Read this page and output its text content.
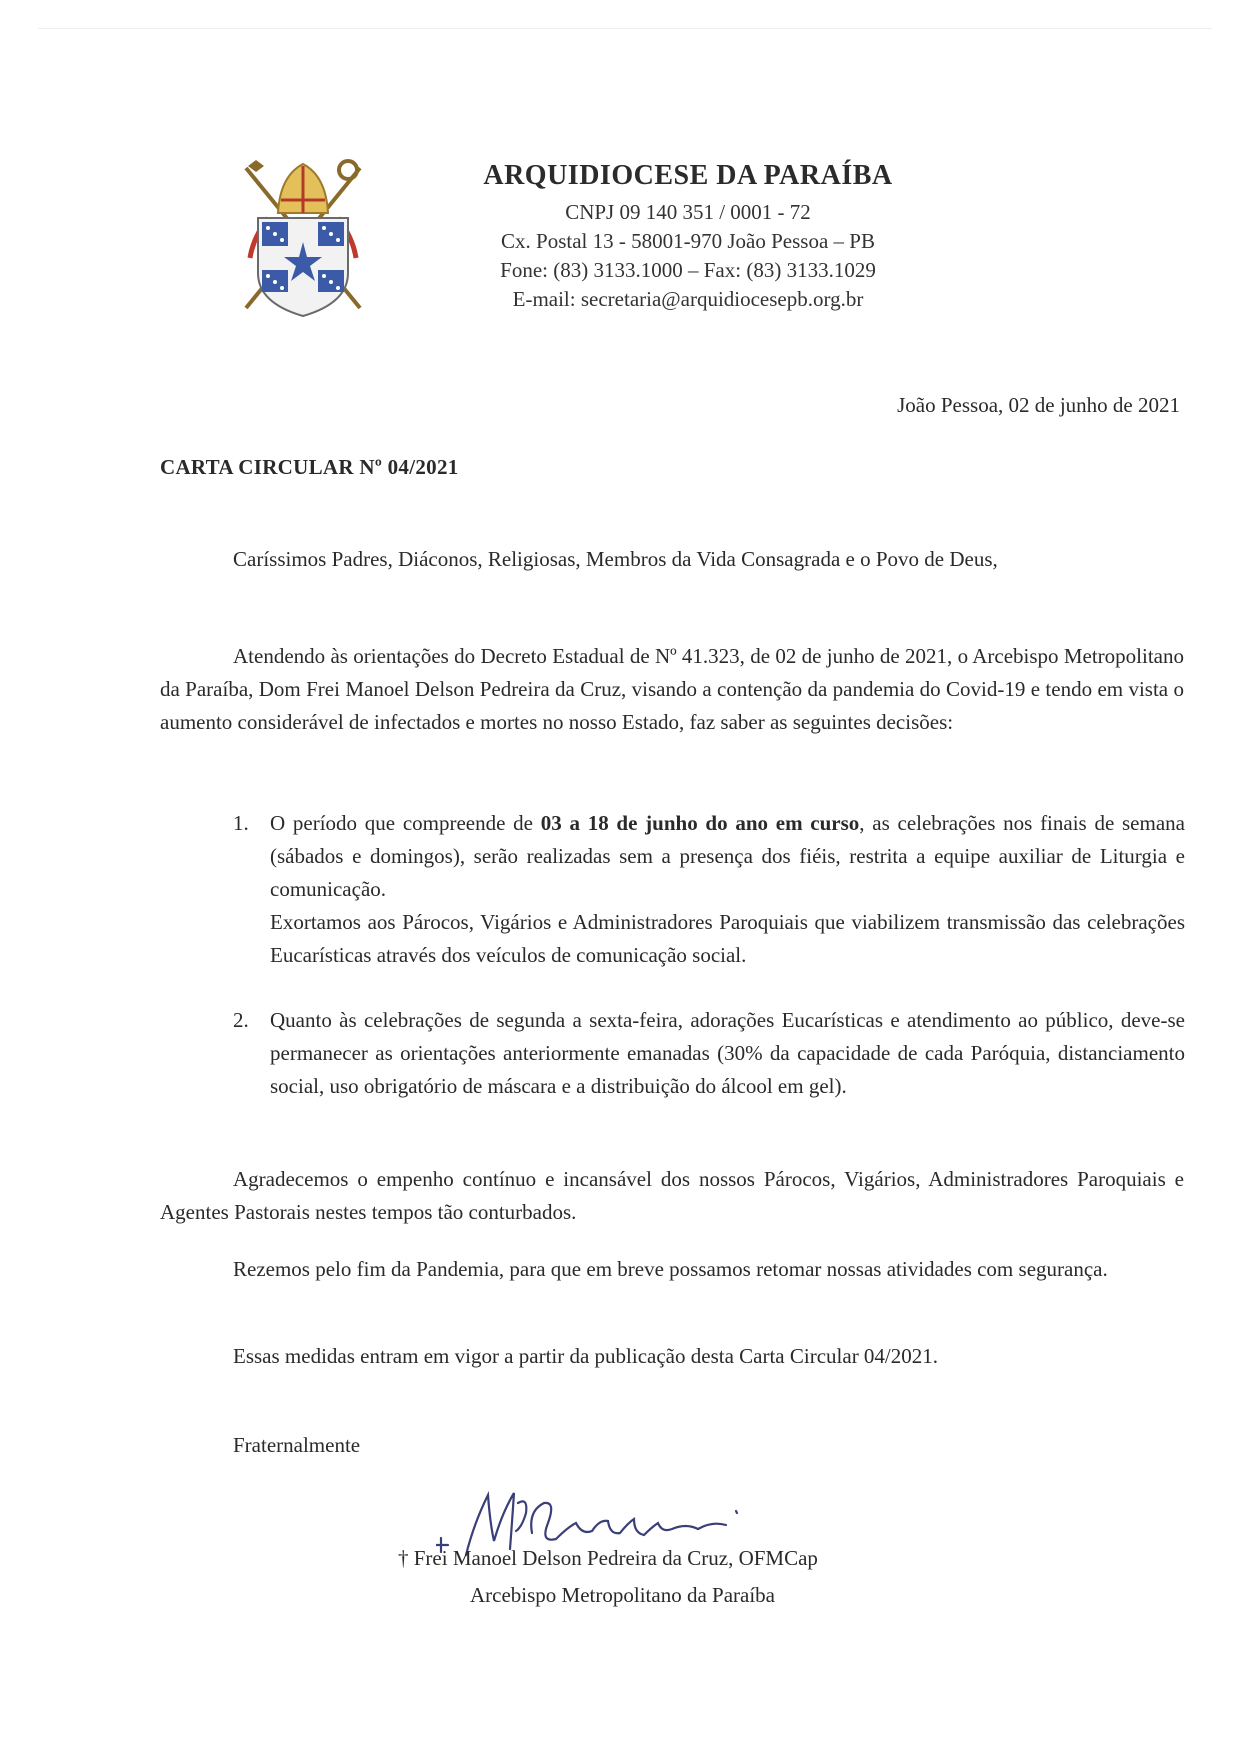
ARQUIDIOCESE DA PARAÍBA

CNPJ 09 140 351 / 0001 - 72

Cx. Postal 13 - 58001-970 João Pessoa – PB

Fone: (83) 3133.1000 – Fax: (83) 3133.1029

E-mail: secretaria@arquidiocesepb.org.br

João Pessoa, 02 de junho de 2021
CARTA CIRCULAR Nº 04/2021
Caríssimos Padres, Diáconos, Religiosas, Membros da Vida Consagrada e o Povo de Deus,

Atendendo às orientações do Decreto Estadual de Nº 41.323, de 02 de junho de 2021, o Arcebispo Metropolitano da Paraíba, Dom Frei Manoel Delson Pedreira da Cruz, visando a contenção da pandemia do Covid-19 e tendo em vista o aumento considerável de infectados e mortes no nosso Estado, faz saber as seguintes decisões:

1. O período que compreende de 03 a 18 de junho do ano em curso, as celebrações nos finais de semana (sábados e domingos), serão realizadas sem a presença dos fiéis, restrita a equipe auxiliar de Liturgia e comunicação.

Exortamos aos Párocos, Vigários e Administradores Paroquiais que viabilizem transmissão das celebrações Eucarísticas através dos veículos de comunicação social.

2. Quanto às celebrações de segunda a sexta-feira, adorações Eucarísticas e atendimento ao público, deve-se permanecer as orientações anteriormente emanadas (30% da capacidade de cada Paróquia, distanciamento social, uso obrigatório de máscara e a distribuição do álcool em gel).

Agradecemos o empenho contínuo e incansável dos nossos Párocos, Vigários, Administradores Paroquiais e Agentes Pastorais nestes tempos tão conturbados.

Rezemos pelo fim da Pandemia, para que em breve possamos retomar nossas atividades com segurança.

Essas medidas entram em vigor a partir da publicação desta Carta Circular 04/2021.

Fraternalmente
† Frei Manoel Delson Pedreira da Cruz, OFMCap
Arcebispo Metropolitano da Paraíba
